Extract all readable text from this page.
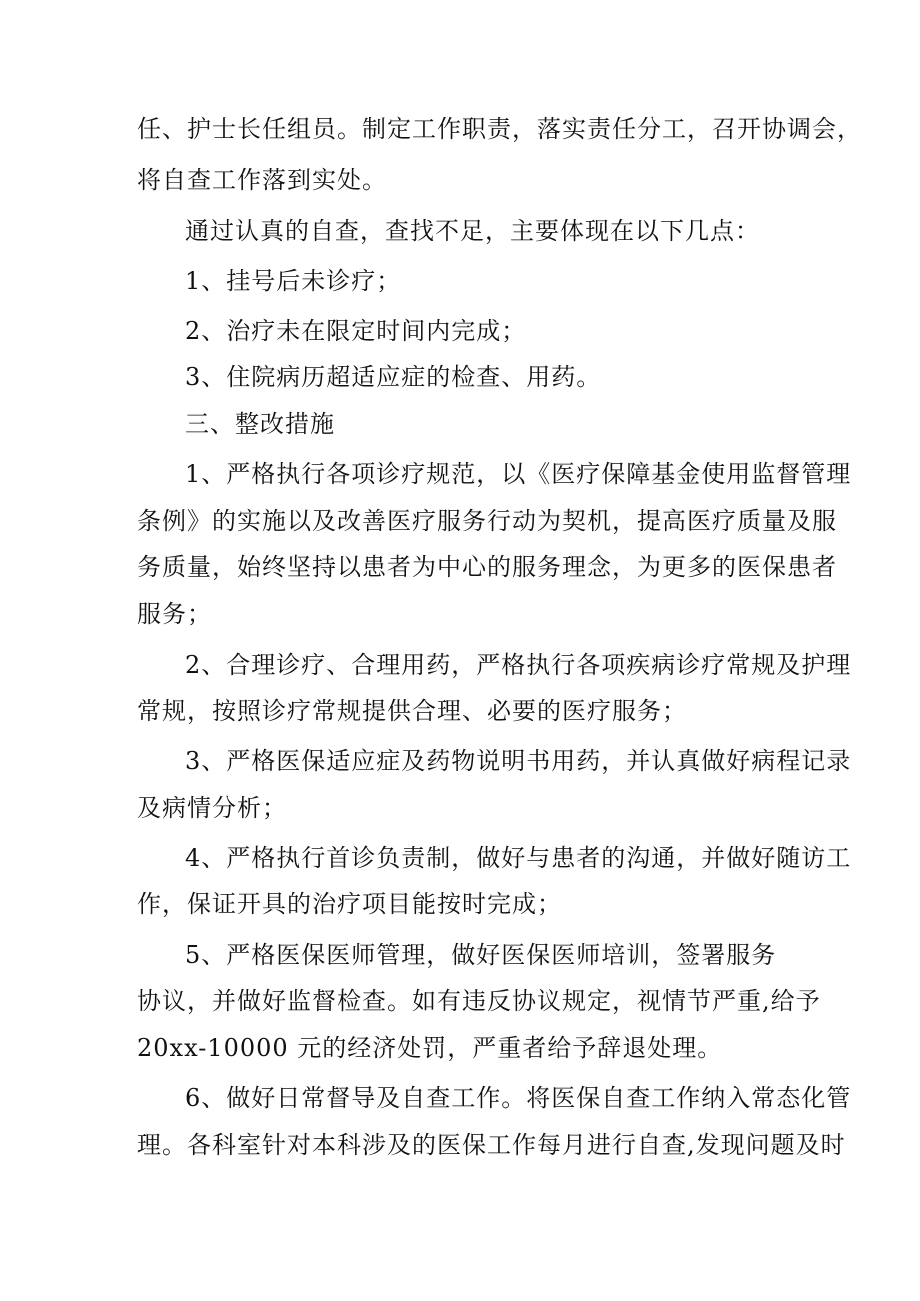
任、护士长任组员。制定工作职责，落实责任分工，召开协调会，
将自查工作落到实处。
通过认真的自查，查找不足，主要体现在以下几点：
1、挂号后未诊疗；
2、治疗未在限定时间内完成；
3、住院病历超适应症的检查、用药。
三、整改措施
1、严格执行各项诊疗规范，以《医疗保障基金使用监督管理
条例》的实施以及改善医疗服务行动为契机，提高医疗质量及服
务质量，始终坚持以患者为中心的服务理念，为更多的医保患者
服务；
2、合理诊疗、合理用药，严格执行各项疾病诊疗常规及护理
常规，按照诊疗常规提供合理、必要的医疗服务；
3、严格医保适应症及药物说明书用药，并认真做好病程记录
及病情分析；
4、严格执行首诊负责制，做好与患者的沟通，并做好随访工
作，保证开具的治疗项目能按时完成；
5、严格医保医师管理，做好医保医师培训，签署服务
协议，并做好监督检查。如有违反协议规定，视情节严重,给予
20xx-10000 元的经济处罚，严重者给予辞退处理。
6、做好日常督导及自查工作。将医保自查工作纳入常态化管
理。各科室针对本科涉及的医保工作每月进行自查,发现问题及时
